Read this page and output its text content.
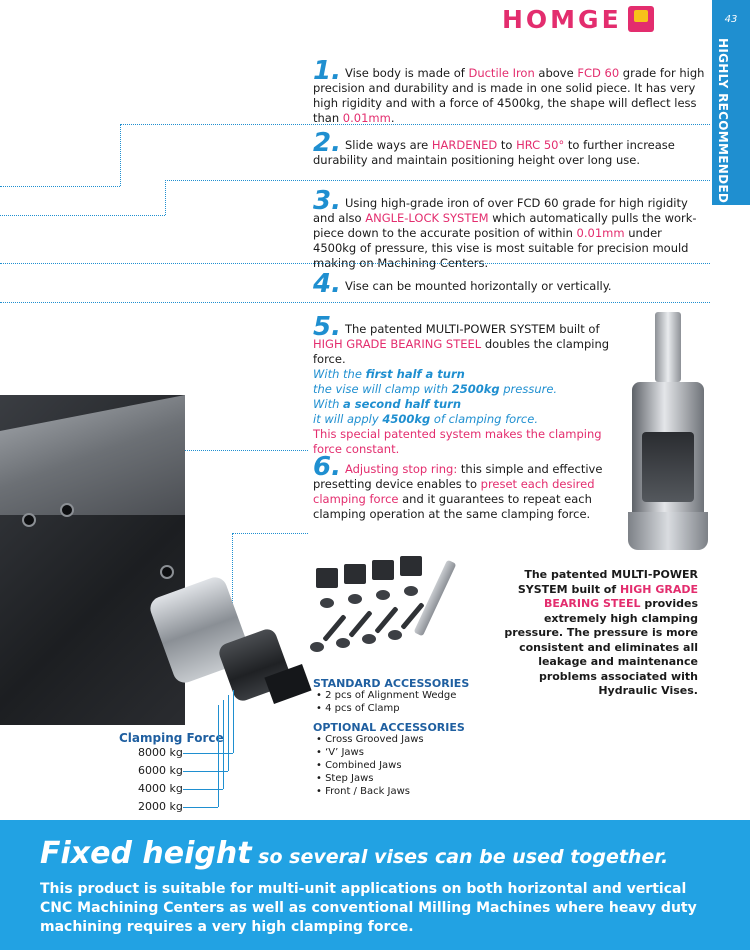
HOMGE	43
HIGHLY RECOMMENDED
1. Vise body is made of Ductile Iron above FCD 60 grade for high precision and durability and is made in one solid piece. It has very high rigidity and with a force of 4500kg, the shape will deflect less than 0.01mm.
2. Slide ways are HARDENED to HRC 50° to further increase durability and maintain positioning height over long use.
3. Using high-grade iron of over FCD 60 grade for high rigidity and also ANGLE-LOCK SYSTEM which automatically pulls the work-piece down to the accurate position of within 0.01mm under 4500kg of pressure, this vise is most suitable for precision mould making on Machining Centers.
4. Vise can be mounted horizontally or vertically.
5. The patented MULTI-POWER SYSTEM built of
HIGH GRADE BEARING STEEL doubles the clamping force.
With the first half a turn
the vise will clamp with 2500kg pressure.
With a second half turn
it will apply 4500kg of clamping force.
This special patented system makes the clamping force constant.
6. Adjusting stop ring: this simple and effective presetting device enables to preset each desired clamping force and it guarantees to repeat each clamping operation at the same clamping force.
The patented MULTI-POWER SYSTEM built of HIGH GRADE BEARING STEEL provides extremely high clamping pressure. The pressure is more consistent and eliminates all leakage and maintenance problems associated with Hydraulic Vises.
STANDARD ACCESSORIES
• 2 pcs of Alignment Wedge
• 4 pcs of Clamp
OPTIONAL ACCESSORIES
• Cross Grooved Jaws
• ‘V’ Jaws
• Combined Jaws
• Step Jaws
• Front / Back Jaws
Clamping Force
8000 kg
6000 kg
4000 kg
2000 kg
Fixed height so several vises can be used together.
This product is suitable for multi-unit applications on both horizontal and vertical CNC Machining Centers as well as conventional Milling Machines where heavy duty machining requires a very high clamping force.
